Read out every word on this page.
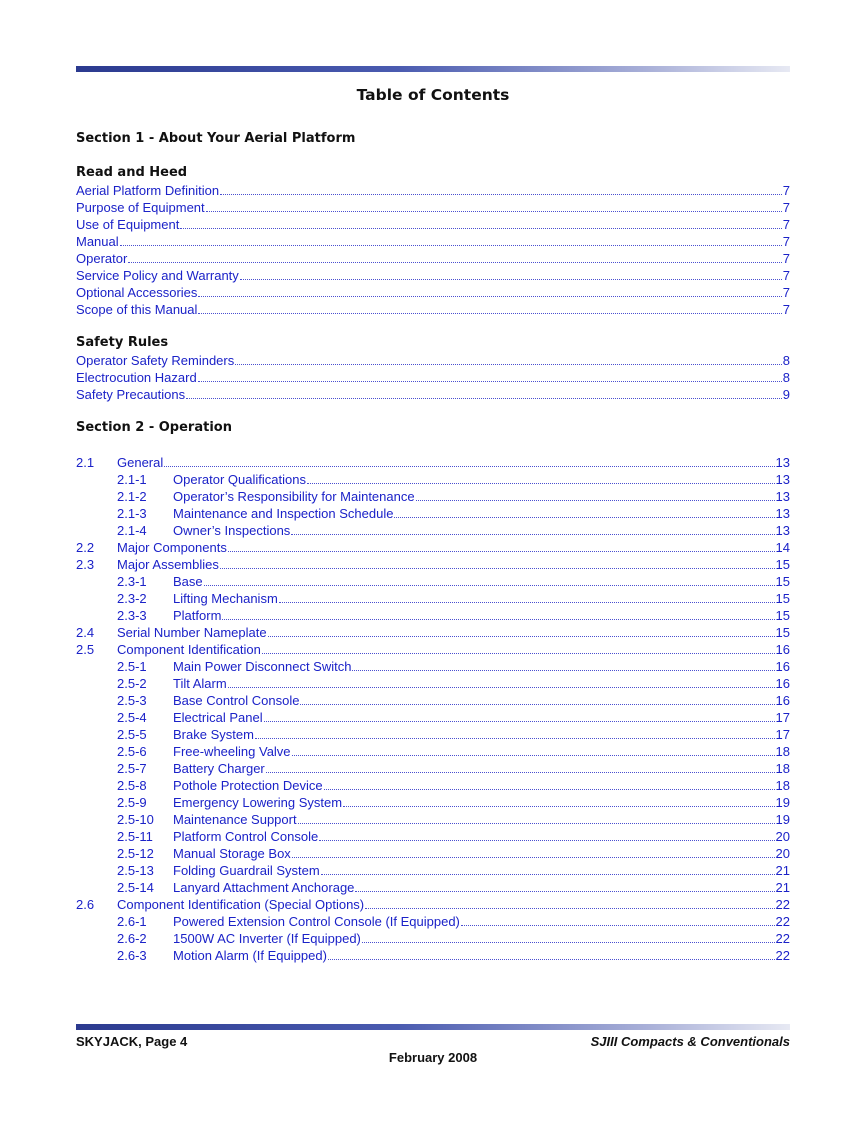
Table of Contents
Section 1 - About Your Aerial Platform
Read and Heed
Aerial Platform Definition	7
Purpose of Equipment	7
Use of Equipment	7
Manual	7
Operator	7
Service Policy and Warranty	7
Optional Accessories	7
Scope of this Manual	7
Safety Rules
Operator Safety Reminders	8
Electrocution Hazard	8
Safety Precautions	9
Section 2 - Operation
2.1	General	13
2.1-1	Operator Qualifications	13
2.1-2	Operator’s Responsibility for Maintenance	13
2.1-3	Maintenance and Inspection Schedule	13
2.1-4	Owner’s Inspections	13
2.2	Major Components	14
2.3	Major Assemblies	15
2.3-1	Base	15
2.3-2	Lifting Mechanism	15
2.3-3	Platform	15
2.4	Serial Number Nameplate	15
2.5	Component Identification	16
2.5-1	Main Power Disconnect Switch	16
2.5-2	Tilt Alarm	16
2.5-3	Base Control Console	16
2.5-4	Electrical Panel	17
2.5-5	Brake System	17
2.5-6	Free-wheeling Valve	18
2.5-7	Battery Charger	18
2.5-8	Pothole Protection Device	18
2.5-9	Emergency Lowering System	19
2.5-10	Maintenance Support	19
2.5-11	Platform Control Console	20
2.5-12	Manual Storage Box	20
2.5-13	Folding Guardrail System	21
2.5-14	Lanyard Attachment Anchorage	21
2.6	Component Identification (Special Options)	22
2.6-1	Powered Extension Control Console (If Equipped)	22
2.6-2	1500W AC Inverter (If Equipped)	22
2.6-3	Motion Alarm (If Equipped)	22
SKYJACK, Page 4	SJIII Compacts & Conventionals
February 2008
